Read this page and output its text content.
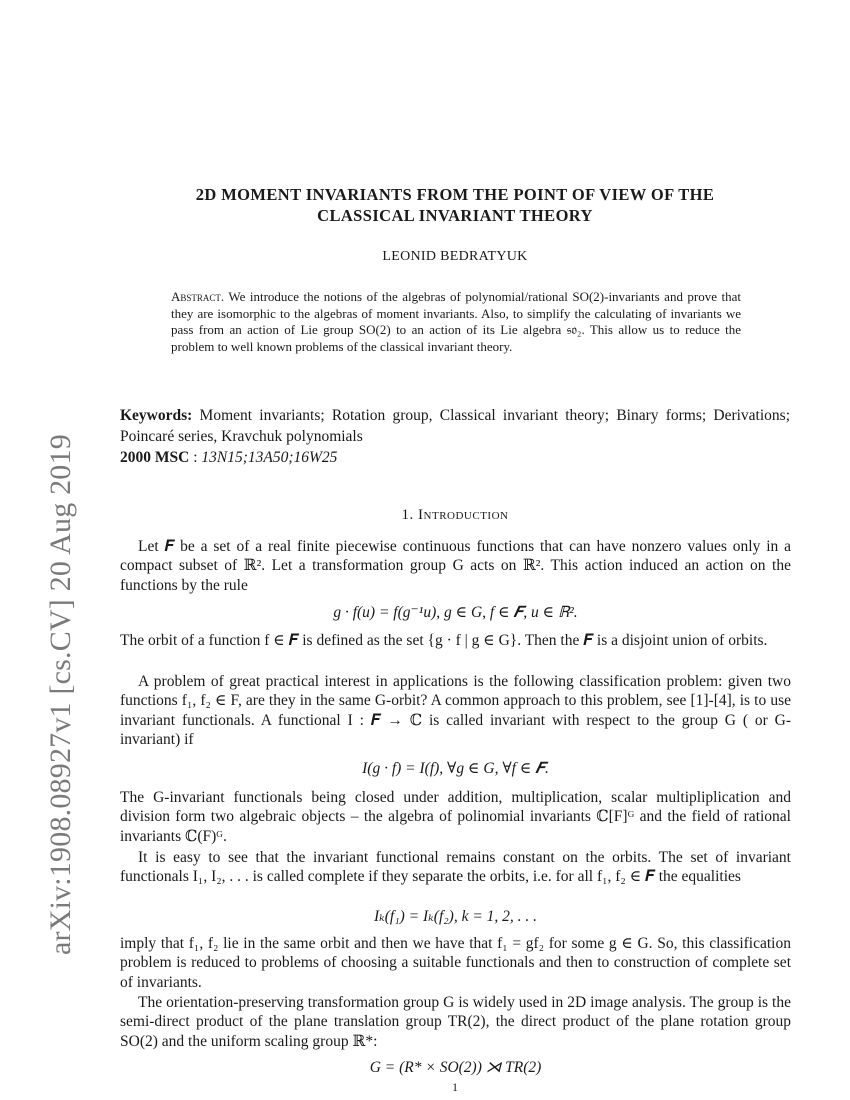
arXiv:1908.08927v1 [cs.CV] 20 Aug 2019
2D MOMENT INVARIANTS FROM THE POINT OF VIEW OF THE
CLASSICAL INVARIANT THEORY
LEONID BEDRATYUK
Abstract. We introduce the notions of the algebras of polynomial/rational SO(2)-invariants and prove that they are isomorphic to the algebras of moment invariants. Also, to simplify the calculating of invariants we pass from an action of Lie group SO(2) to an action of its Lie algebra 𝔰𝔬₂. This allow us to reduce the problem to well known problems of the classical invariant theory.

Keywords: Moment invariants; Rotation group, Classical invariant theory; Binary forms; Derivations; Poincaré series, Kravchuk polynomials

2000 MSC : 13N15;13A50;16W25

1. Introduction
Let 𝑭 be a set of a real finite piecewise continuous functions that can have nonzero values only in a compact subset of ℝ². Let a transformation group G acts on ℝ². This action induced an action on the functions by the rule
g · f(u) = f(g⁻¹u), g ∈ G, f ∈ 𝑭, u ∈ ℝ².
The orbit of a function f ∈ 𝑭 is defined as the set {g · f | g ∈ G}. Then the 𝑭 is a disjoint union of orbits.
A problem of great practical interest in applications is the following classification problem: given two functions f₁, f₂ ∈ F, are they in the same G-orbit? A common approach to this problem, see [1]-[4], is to use invariant functionals. A functional I : 𝑭 → ℂ is called invariant with respect to the group G ( or G-invariant) if
I(g · f) = I(f), ∀g ∈ G, ∀f ∈ 𝑭.
The G-invariant functionals being closed under addition, multiplication, scalar multipliplication and division form two algebraic objects – the algebra of polinomial invariants ℂ[F]ᴳ and the field of rational invariants ℂ(F)ᴳ.
It is easy to see that the invariant functional remains constant on the orbits. The set of invariant functionals I₁, I₂, . . . is called complete if they separate the orbits, i.e. for all f₁, f₂ ∈ 𝑭 the equalities
Iₖ(f₁) = Iₖ(f₂), k = 1, 2, . . .
imply that f₁, f₂ lie in the same orbit and then we have that f₁ = gf₂ for some g ∈ G. So, this classification problem is reduced to problems of choosing a suitable functionals and then to construction of complete set of invariants.
The orientation-preserving transformation group G is widely used in 2D image analysis. The group is the semi-direct product of the plane translation group TR(2), the direct product of the plane rotation group SO(2) and the uniform scaling group ℝ*:
G = (R* × SO(2)) ⋊ TR(2)
1
